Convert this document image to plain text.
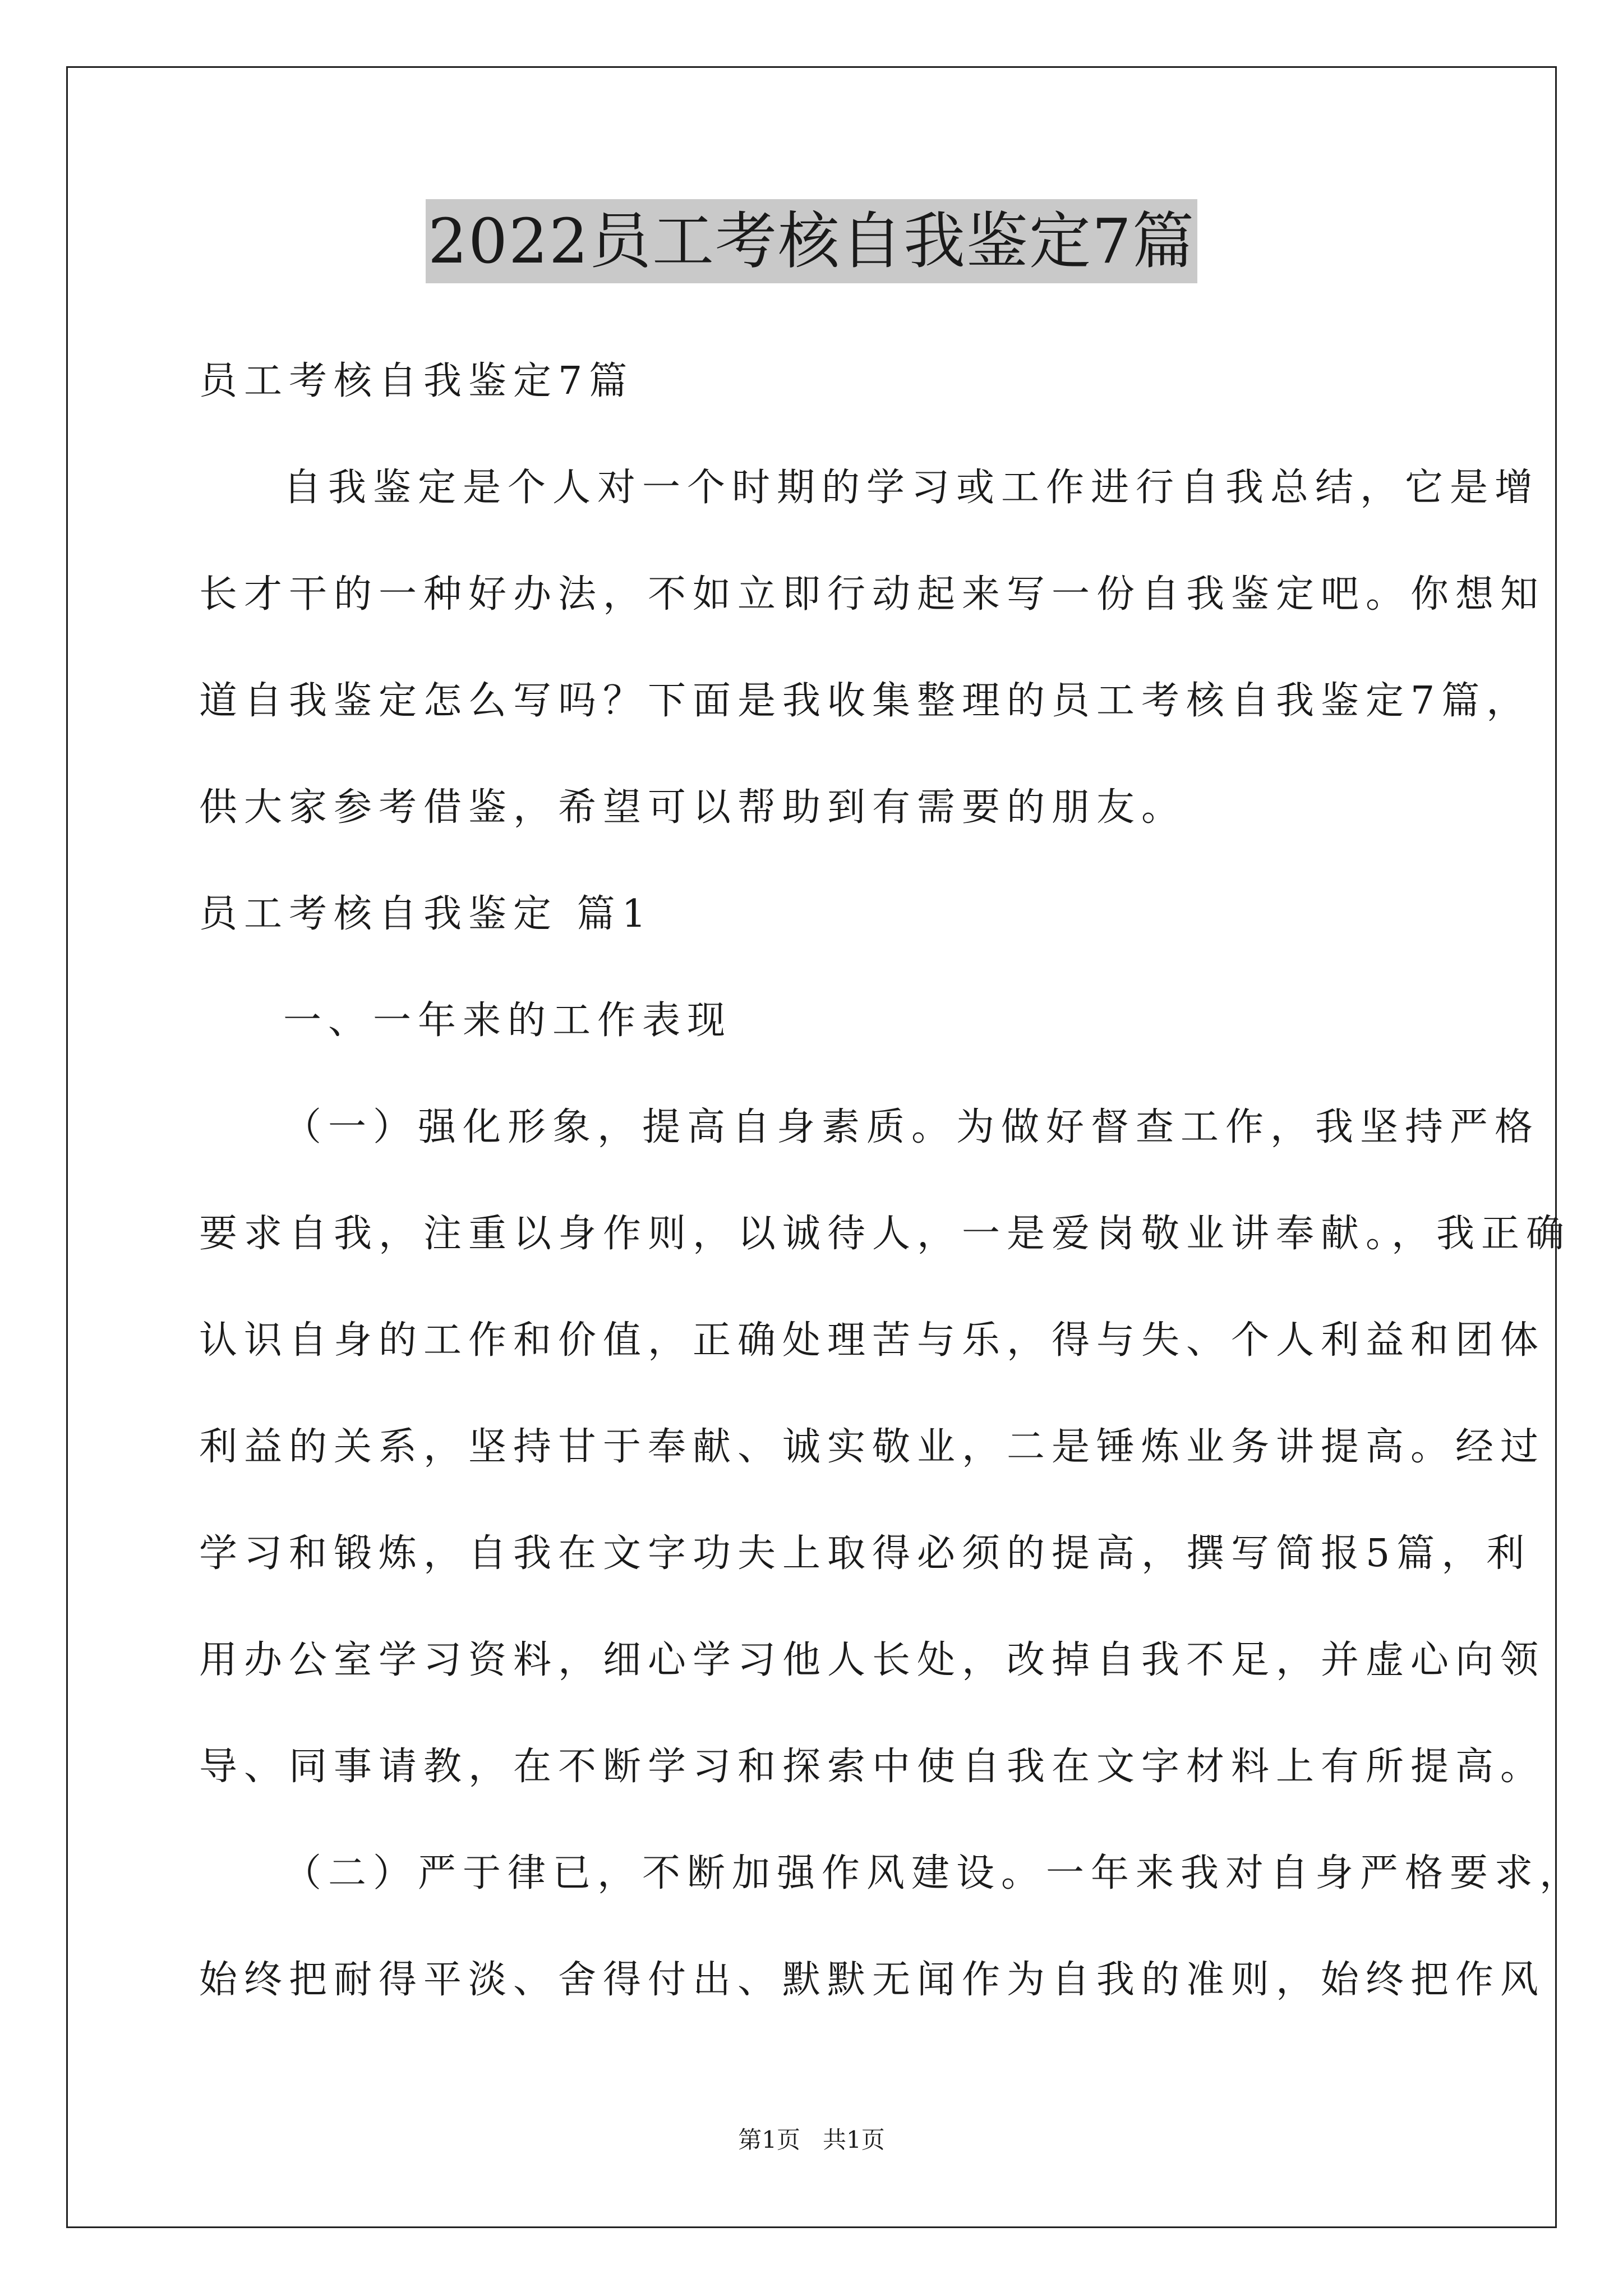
2022员工考核自我鉴定7篇

员工考核自我鉴定7篇

自我鉴定是个人对一个时期的学习或工作进行自我总结，它是增

长才干的一种好办法，不如立即行动起来写一份自我鉴定吧。你想知

道自我鉴定怎么写吗？下面是我收集整理的员工考核自我鉴定7篇，

供大家参考借鉴，希望可以帮助到有需要的朋友。

员工考核自我鉴定 篇1

一、一年来的工作表现

（一）强化形象，提高自身素质。为做好督查工作，我坚持严格

要求自我，注重以身作则，以诚待人，一是爱岗敬业讲奉献。，我正确

认识自身的工作和价值，正确处理苦与乐，得与失、个人利益和团体

利益的关系，坚持甘于奉献、诚实敬业，二是锤炼业务讲提高。经过

学习和锻炼，自我在文字功夫上取得必须的提高，撰写简报5篇，利

用办公室学习资料，细心学习他人长处，改掉自我不足，并虚心向领

导、同事请教，在不断学习和探索中使自我在文字材料上有所提高。

（二）严于律已，不断加强作风建设。一年来我对自身严格要求，

始终把耐得平淡、舍得付出、默默无闻作为自我的准则，始终把作风

第1页   共1页
